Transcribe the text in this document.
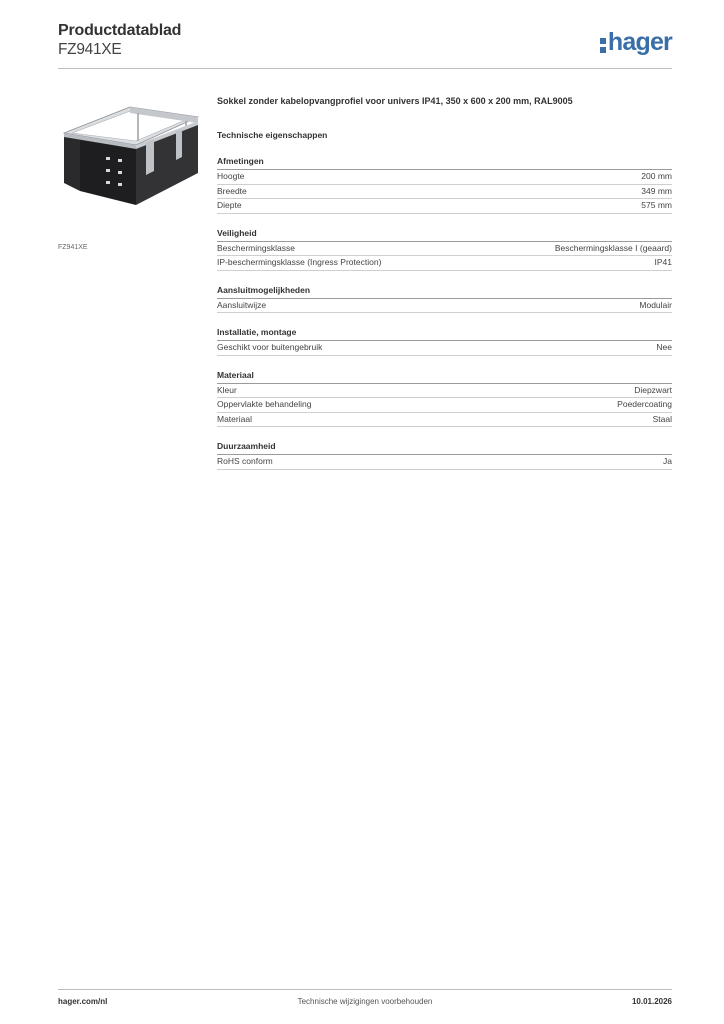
Productdatablad
FZ941XE	hager
FZ941XE
Sokkel zonder kabelopvangprofiel voor univers IP41, 350 x 600 x 200 mm, RAL9005
Technische eigenschappen
Afmetingen
Hoogte	200 mm
Breedte	349 mm
Diepte	575 mm
Veiligheid
Beschermingsklasse	Beschermingsklasse I (geaard)
IP-beschermingsklasse (Ingress Protection)	IP41
Aansluitmogelijkheden
Aansluitwijze	Modulair
Installatie, montage
Geschikt voor buitengebruik	Nee
Materiaal
Kleur	Diepzwart
Oppervlakte behandeling	Poedercoating
Materiaal	Staal
Duurzaamheid
RoHS conform	Ja
hager.com/nl	Technische wijzigingen voorbehouden	10.01.2026
